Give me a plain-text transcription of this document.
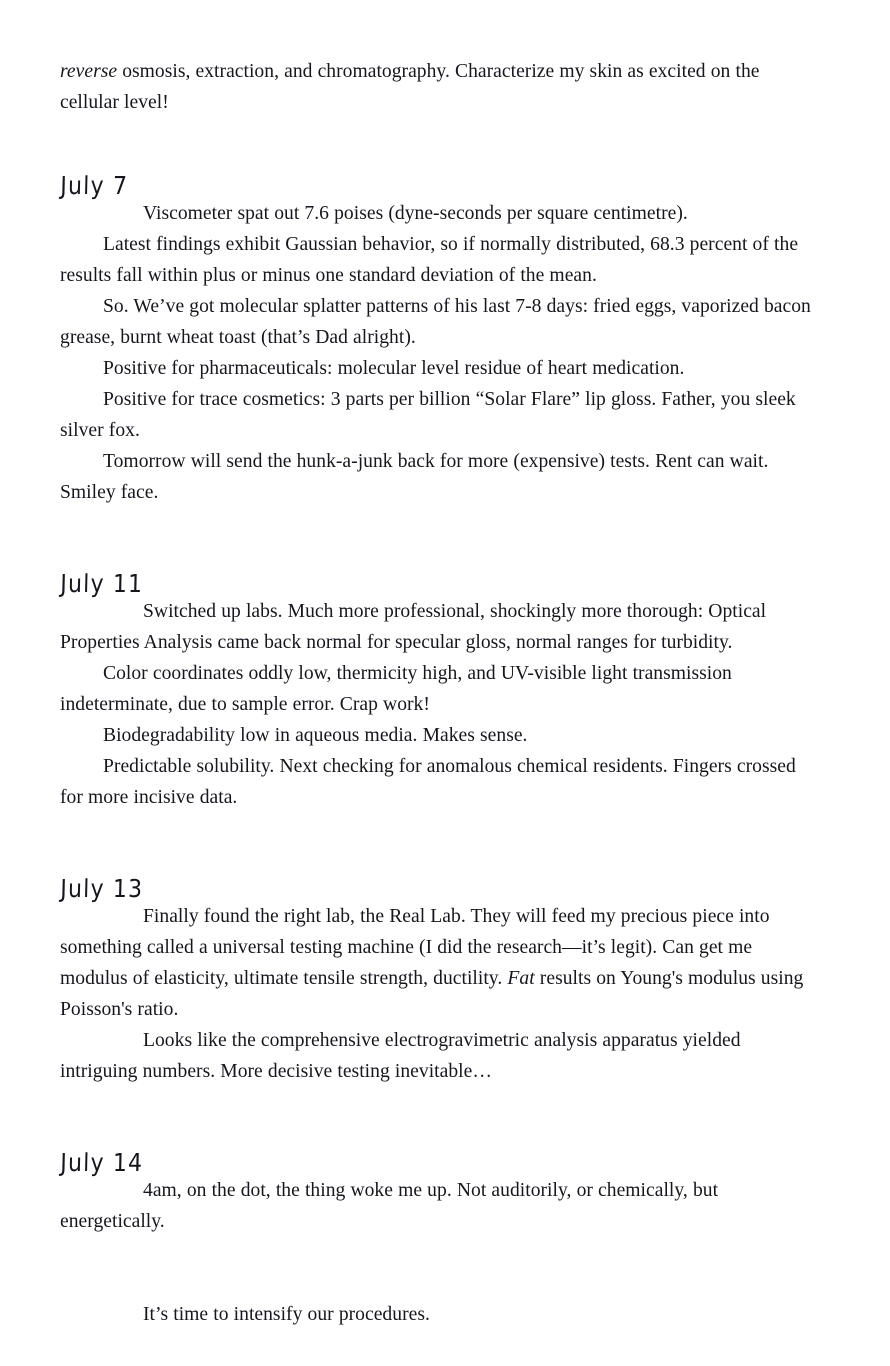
reverse osmosis, extraction, and chromatography. Characterize my skin as excited on the cellular level!

July 7

Viscometer spat out 7.6 poises (dyne-seconds per square centimetre).

Latest findings exhibit Gaussian behavior, so if normally distributed, 68.3 percent of the results fall within plus or minus one standard deviation of the mean.

So. We’ve got molecular splatter patterns of his last 7-8 days: fried eggs, vaporized bacon grease, burnt wheat toast (that’s Dad alright).

Positive for pharmaceuticals: molecular level residue of heart medication.

Positive for trace cosmetics: 3 parts per billion “Solar Flare” lip gloss. Father, you sleek silver fox.

Tomorrow will send the hunk-a-junk back for more (expensive) tests. Rent can wait. Smiley face.

July 11

Switched up labs. Much more professional, shockingly more thorough: Optical Properties Analysis came back normal for specular gloss, normal ranges for turbidity.

Color coordinates oddly low, thermicity high, and UV-visible light transmission indeterminate, due to sample error. Crap work!

Biodegradability low in aqueous media. Makes sense.

Predictable solubility. Next checking for anomalous chemical residents. Fingers crossed for more incisive data.

July 13

Finally found the right lab, the Real Lab. They will feed my precious piece into something called a universal testing machine (I did the research—it’s legit). Can get me modulus of elasticity, ultimate tensile strength, ductility. Fat results on Young's modulus using Poisson's ratio.

Looks like the comprehensive electrogravimetric analysis apparatus yielded intriguing numbers. More decisive testing inevitable…

July 14

4am, on the dot, the thing woke me up. Not auditorily, or chemically, but energetically.

It’s time to intensify our procedures.
